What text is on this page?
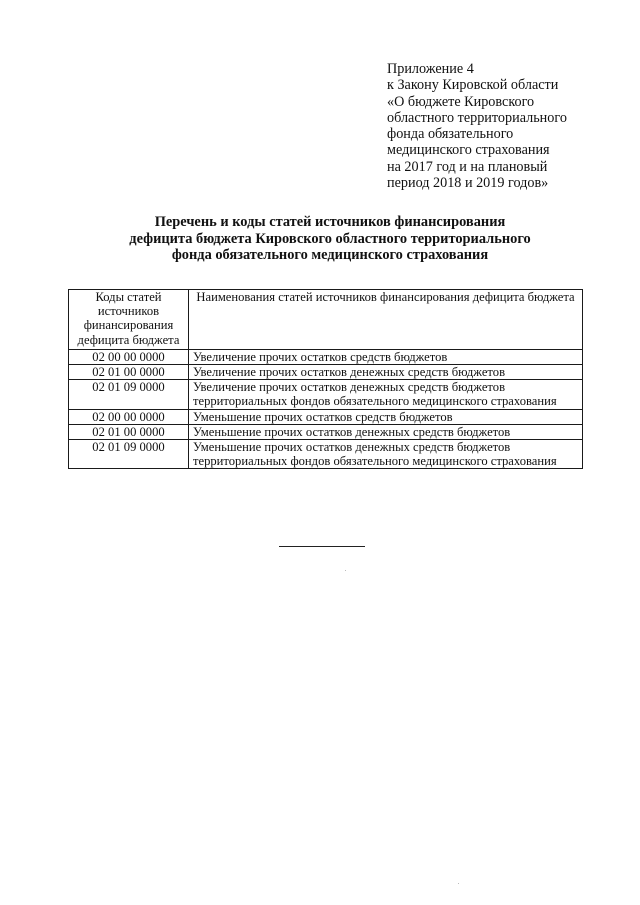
Приложение 4
к Закону Кировской области
«О бюджете Кировского
областного территориального
фонда обязательного
медицинского страхования
на 2017 год и на плановый
период 2018 и 2019 годов»
Перечень и коды статей источников финансирования
дефицита бюджета Кировского областного территориального
фонда обязательного медицинского страхования
Коды статей источников финансирования дефицита бюджета	Наименования статей источников финансирования дефицита бюджета
02 00 00 0000	Увеличение прочих остатков средств бюджетов
02 01 00 0000	Увеличение прочих остатков денежных средств бюджетов
02 01 09 0000	Увеличение прочих остатков денежных средств бюджетов территориальных фондов обязательного медицинского страхования
02 00 00 0000	Уменьшение прочих остатков средств бюджетов
02 01 00 0000	Уменьшение прочих остатков денежных средств бюджетов
02 01 09 0000	Уменьшение прочих остатков денежных средств бюджетов территориальных фондов обязательного медицинского страхования
